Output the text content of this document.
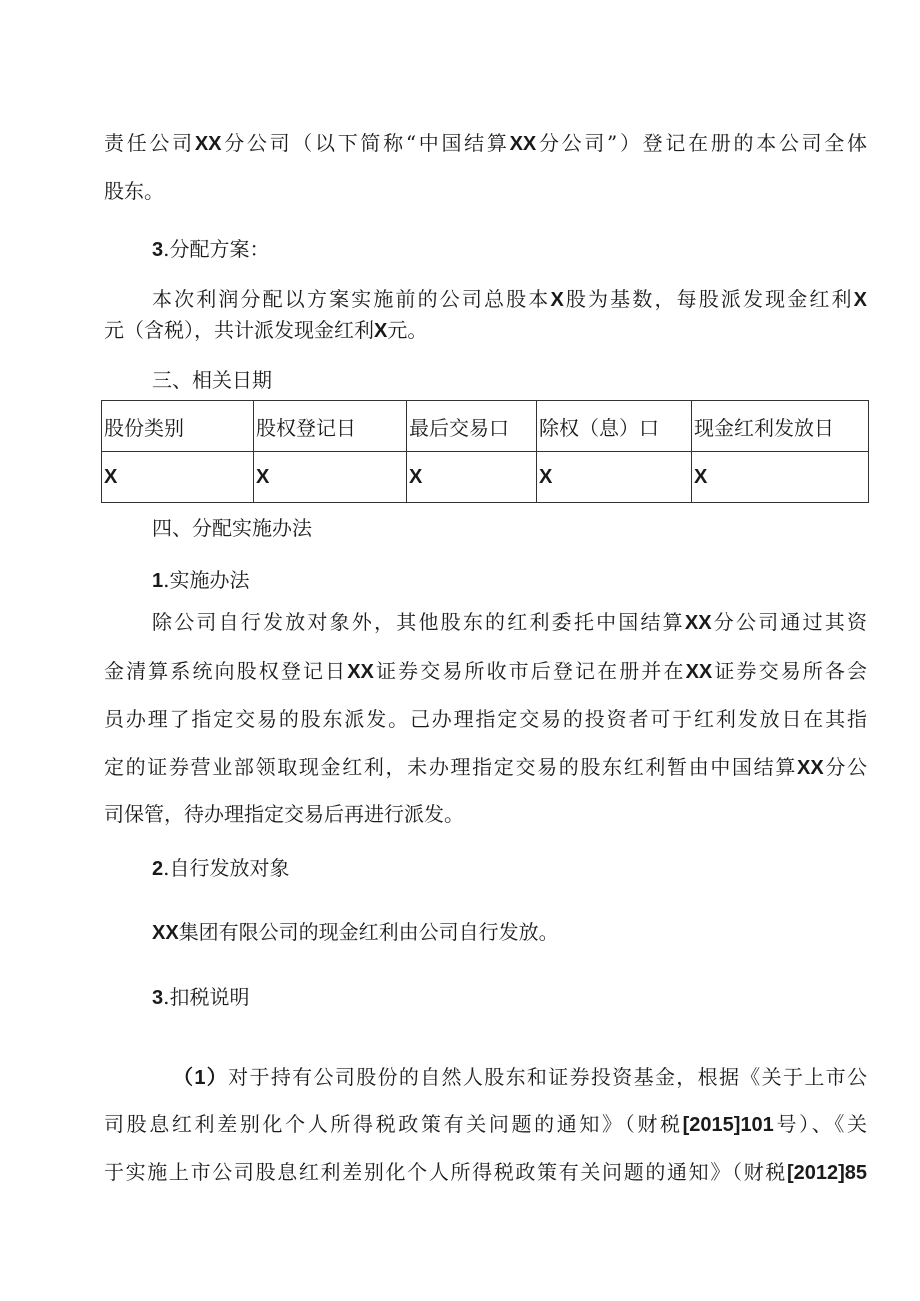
责任公司XX分公司（以下简称“中国结算XX分公司”）登记在册的本公司全体
股东。
3.分配方案：
本次利润分配以方案实施前的公司总股本X股为基数，每股派发现金红利X
元（含税），共计派发现金红利X元。
三、相关日期
股份类别	股权登记日	最后交易口	除权（息）口	现金红利发放日
X	X	X	X	X
四、分配实施办法
1.实施办法
除公司自行发放对象外，其他股东的红利委托中国结算XX分公司通过其资
金清算系统向股权登记日XX证券交易所收市后登记在册并在XX证券交易所各会
员办理了指定交易的股东派发。己办理指定交易的投资者可于红利发放日在其指
定的证券营业部领取现金红利，未办理指定交易的股东红利暂由中国结算XX分公
司保管，待办理指定交易后再进行派发。
2.自行发放对象
XX集团有限公司的现金红利由公司自行发放。
3.扣税说明
（1）对于持有公司股份的自然人股东和证券投资基金，根据《关于上市公
司股息红利差别化个人所得税政策有关问题的通知》（财税[2015]101号）、《关
于实施上市公司股息红利差别化个人所得税政策有关问题的通知》（财税[2012]85
